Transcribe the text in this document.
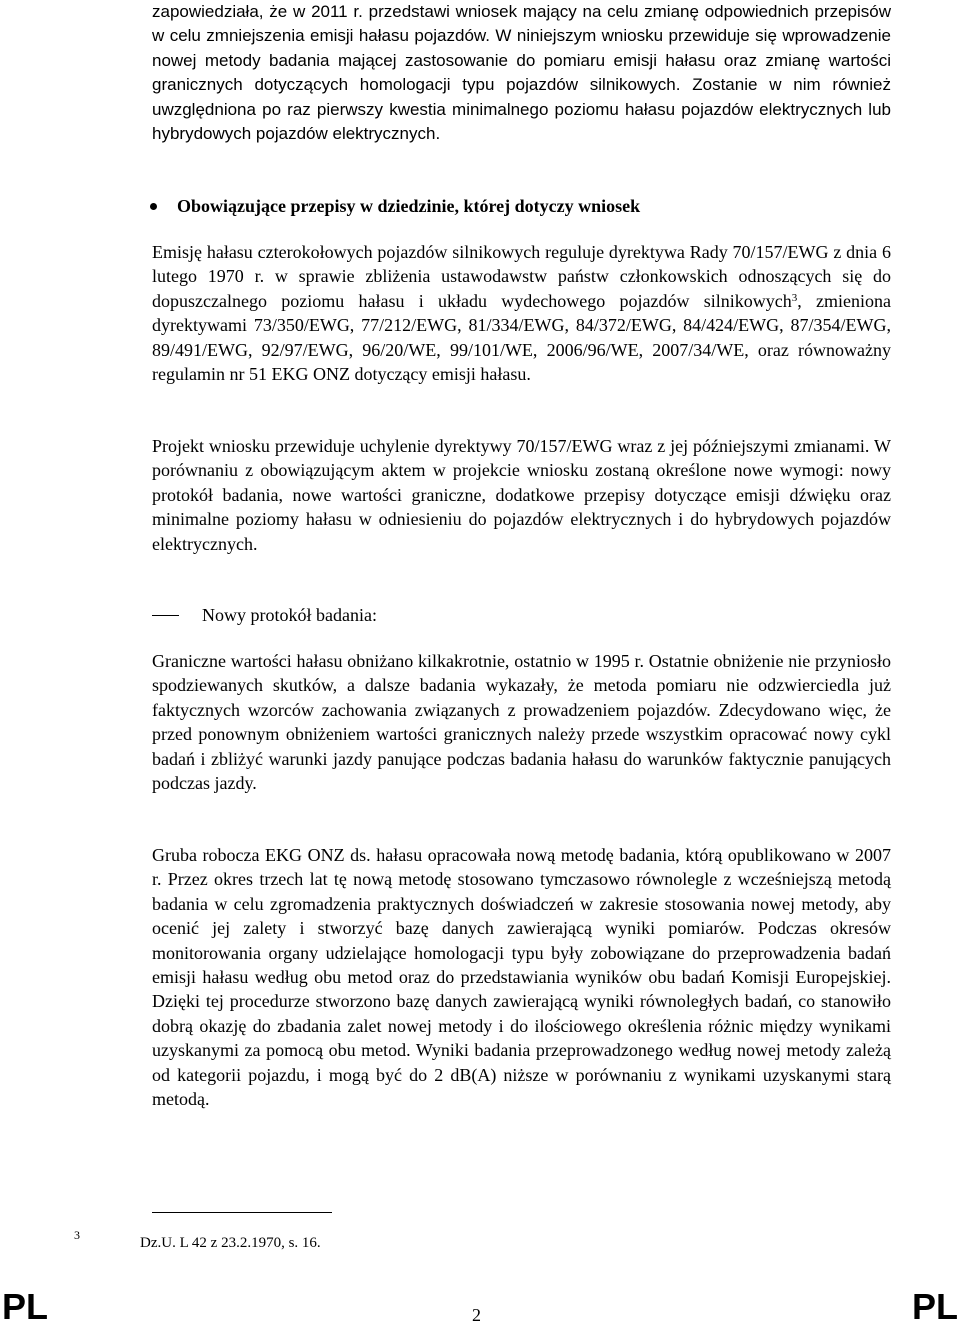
zapowiedziała, że w 2011 r. przedstawi wniosek mający na celu zmianę odpowiednich przepisów w celu zmniejszenia emisji hałasu pojazdów. W niniejszym wniosku przewiduje się wprowadzenie nowej metody badania mającej zastosowanie do pomiaru emisji hałasu oraz zmianę wartości granicznych dotyczących homologacji typu pojazdów silnikowych. Zostanie w nim również uwzględniona po raz pierwszy kwestia minimalnego poziomu hałasu pojazdów elektrycznych lub hybrydowych pojazdów elektrycznych.

Obowiązujące przepisy w dziedzinie, której dotyczy wniosek

Emisję hałasu czterokołowych pojazdów silnikowych reguluje dyrektywa Rady 70/157/EWG z dnia 6 lutego 1970 r. w sprawie zbliżenia ustawodawstw państw członkowskich odnoszących się do dopuszczalnego poziomu hałasu i układu wydechowego pojazdów silnikowych$^3$, zmieniona dyrektywami 73/350/EWG, 77/212/EWG, 81/334/EWG, 84/372/EWG, 84/424/EWG, 87/354/EWG, 89/491/EWG, 92/97/EWG, 96/20/WE, 99/101/WE, 2006/96/WE, 2007/34/WE, oraz równoważny regulamin nr 51 EKG ONZ dotyczący emisji hałasu.

Projekt wniosku przewiduje uchylenie dyrektywy 70/157/EWG wraz z jej późniejszymi zmianami. W porównaniu z obowiązującym aktem w projekcie wniosku zostaną określone nowe wymogi: nowy protokół badania, nowe wartości graniczne, dodatkowe przepisy dotyczące emisji dźwięku oraz minimalne poziomy hałasu w odniesieniu do pojazdów elektrycznych i do hybrydowych pojazdów elektrycznych.

Nowy protokół badania:

Graniczne wartości hałasu obniżano kilkakrotnie, ostatnio w 1995 r. Ostatnie obniżenie nie przyniosło spodziewanych skutków, a dalsze badania wykazały, że metoda pomiaru nie odzwierciedla już faktycznych wzorców zachowania związanych z prowadzeniem pojazdów. Zdecydowano więc, że przed ponownym obniżeniem wartości granicznych należy przede wszystkim opracować nowy cykl badań i zbliżyć warunki jazdy panujące podczas badania hałasu do warunków faktycznie panujących podczas jazdy.

Gruba robocza EKG ONZ ds. hałasu opracowała nową metodę badania, którą opublikowano w 2007 r. Przez okres trzech lat tę nową metodę stosowano tymczasowo równolegle z wcześniejszą metodą badania w celu zgromadzenia praktycznych doświadczeń w zakresie stosowania nowej metody, aby ocenić jej zalety i stworzyć bazę danych zawierającą wyniki pomiarów. Podczas okresów monitorowania organy udzielające homologacji typu były zobowiązane do przeprowadzenia badań emisji hałasu według obu metod oraz do przedstawiania wyników obu badań Komisji Europejskiej. Dzięki tej procedurze stworzono bazę danych zawierającą wyniki równoległych badań, co stanowiło dobrą okazję do zbadania zalet nowej metody i do ilościowego określenia różnic między wynikami uzyskanymi za pomocą obu metod. Wyniki badania przeprowadzonego według nowej metody zależą od kategorii pojazdu, i mogą być do 2 dB(A) niższe w porównaniu z wynikami uzyskanymi starą metodą.

3	Dz.U. L 42 z 23.2.1970, s. 16.
PL	2	PL
